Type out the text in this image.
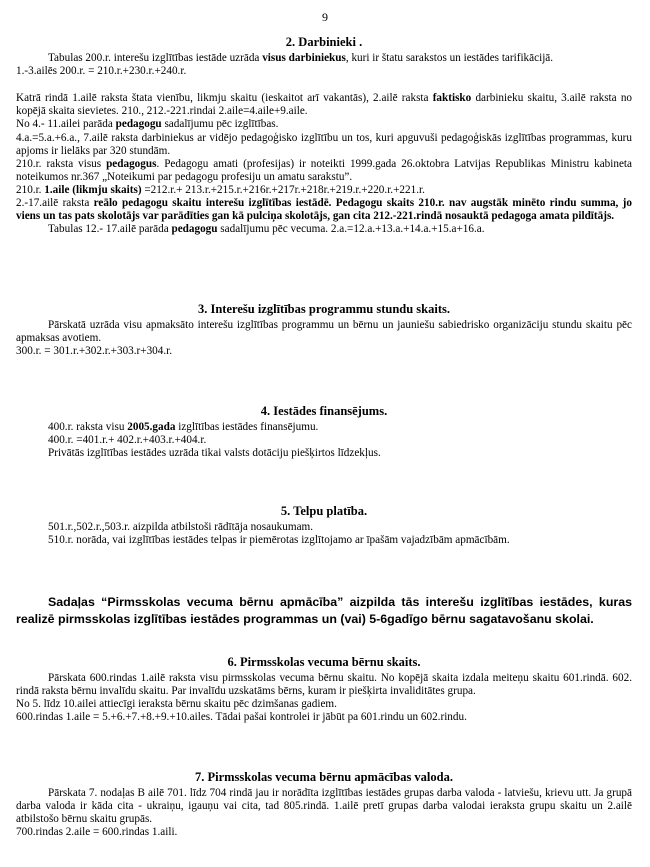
9
2. Darbinieki .

Tabulas 200.r. interešu izglītības iestāde uzrāda visus darbiniekus, kuri ir štatu sarakstos un iestādes tarifikācijā.

1.-3.ailēs 200.r. = 210.r.+230.r.+240.r.

Katrā rindā 1.ailē raksta štata vienību, likmju skaitu (ieskaitot arī vakantās), 2.ailē raksta faktisko darbinieku skaitu, 3.ailē raksta no kopējā skaita sievietes. 210., 212.-221.rindai 2.aile=4.aile+9.aile.

No 4.- 11.ailei parāda pedagogu sadalījumu pēc izglītības.

4.a.=5.a.+6.a., 7.ailē raksta darbiniekus ar vidējo pedagoģisko izglītību un tos, kuri apguvuši pedagoģiskās izglītības programmas, kuru apjoms ir lielāks par 320 stundām.

210.r. raksta visus pedagogus. Pedagogu amati (profesijas) ir noteikti 1999.gada 26.oktobra Latvijas Republikas Ministru kabineta noteikumos nr.367 „Noteikumi par pedagogu profesiju un amatu sarakstu”.

210.r. 1.aile (likmju skaits) =212.r.+ 213.r.+215.r.+216r.+217r.+218r.+219.r.+220.r.+221.r.

2.-17.ailē raksta reālo pedagogu skaitu interešu izglītības iestādē. Pedagogu skaits 210.r. nav augstāk minēto rindu summa, jo viens un tas pats skolotājs var parādīties gan kā pulciņa skolotājs, gan cita 212.-221.rindā nosauktā pedagoga amata pildītājs.

Tabulas 12.- 17.ailē parāda pedagogu sadalījumu pēc vecuma. 2.a.=12.a.+13.a.+14.a.+15.a+16.a.

3. Interešu izglītības programmu stundu skaits.

Pārskatā uzrāda visu apmaksāto interešu izglītības programmu un bērnu un jauniešu sabiedrisko organizāciju stundu skaitu pēc apmaksas avotiem.

300.r. = 301.r.+302.r.+303.r+304.r.

4. Iestādes finansējums.

400.r. raksta visu 2005.gada izglītības iestādes finansējumu.

400.r. =401.r.+ 402.r.+403.r.+404.r.

Privātās izglītības iestādes uzrāda tikai valsts dotāciju piešķirtos līdzekļus.

5. Telpu platība.

501.r.,502.r.,503.r. aizpilda atbilstoši rādītāja nosaukumam.

510.r. norāda, vai izglītības iestādes telpas ir piemērotas izglītojamo ar īpašām vajadzībām apmācībām.

Sadaļas “Pirmsskolas vecuma bērnu apmācība” aizpilda tās interešu izglītības iestādes, kuras realizē pirmsskolas izglītības iestādes programmas un (vai) 5-6gadīgo bērnu sagatavošanu skolai.

6. Pirmsskolas vecuma bērnu skaits.

Pārskata 600.rindas 1.ailē raksta visu pirmsskolas vecuma bērnu skaitu. No kopējā skaita izdala meiteņu skaitu 601.rindā. 602. rindā raksta bērnu invalīdu skaitu. Par invalīdu uzskatāms bērns, kuram ir piešķirta invaliditātes grupa.

No 5. līdz 10.ailei attiecīgi ieraksta bērnu skaitu pēc dzimšanas gadiem.

600.rindas 1.aile = 5.+6.+7.+8.+9.+10.ailes. Tādai pašai kontrolei ir jābūt pa 601.rindu un 602.rindu.

7. Pirmsskolas vecuma bērnu apmācības valoda.

Pārskata 7. nodaļas B ailē 701. līdz 704 rindā jau ir norādīta izglītības iestādes grupas darba valoda - latviešu, krievu utt. Ja grupā darba valoda ir kāda cita - ukraiņu, igauņu vai cita, tad 805.rindā. 1.ailē pretī grupas darba valodai ieraksta grupu skaitu un 2.ailē atbilstošo bērnu skaitu grupās.

700.rindas 2.aile = 600.rindas 1.aili.
